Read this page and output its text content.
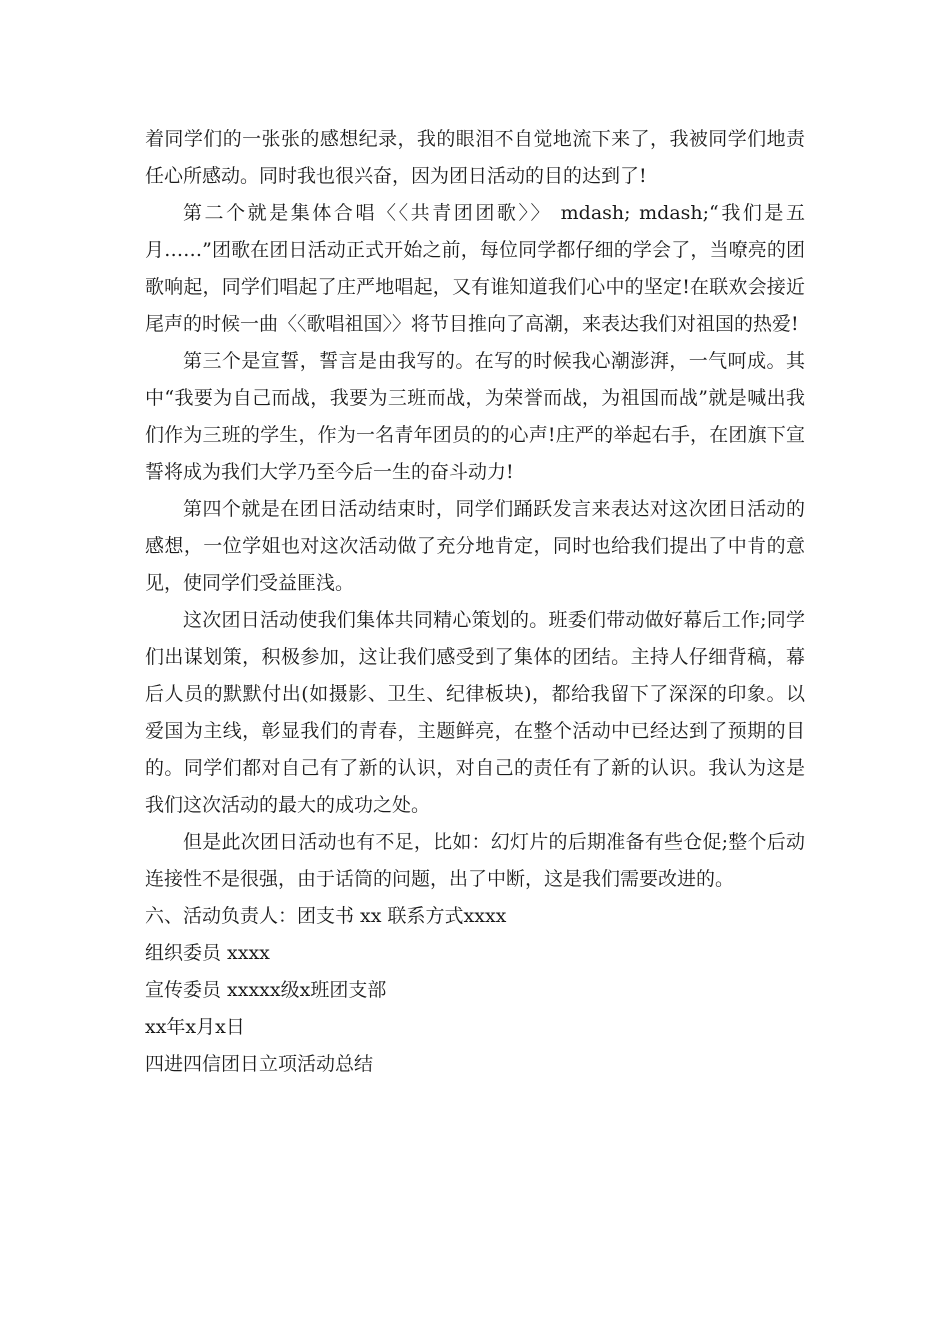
着同学们的一张张的感想纪录，我的眼泪不自觉地流下来了，我被同学们地责任心所感动。同时我也很兴奋，因为团日活动的目的达到了!

第二个就是集体合唱〈〈共青团团歌〉〉 mdash; mdash;“我们是五月……”团歌在团日活动正式开始之前，每位同学都仔细的学会了，当嘹亮的团歌响起，同学们唱起了庄严地唱起，又有谁知道我们心中的坚定!在联欢会接近尾声的时候一曲〈〈歌唱祖国〉〉将节目推向了高潮，来表达我们对祖国的热爱!

第三个是宣誓，誓言是由我写的。在写的时候我心潮澎湃，一气呵成。其中“我要为自己而战，我要为三班而战，为荣誉而战，为祖国而战”就是喊出我们作为三班的学生，作为一名青年团员的的心声!庄严的举起右手，在团旗下宣誓将成为我们大学乃至今后一生的奋斗动力!

第四个就是在团日活动结束时，同学们踊跃发言来表达对这次团日活动的感想，一位学姐也对这次活动做了充分地肯定，同时也给我们提出了中肯的意见，使同学们受益匪浅。

这次团日活动使我们集体共同精心策划的。班委们带动做好幕后工作;同学们出谋划策，积极参加，这让我们感受到了集体的团结。主持人仔细背稿，幕后人员的默默付出(如摄影、卫生、纪律板块)，都给我留下了深深的印象。以爱国为主线，彰显我们的青春，主题鲜亮，在整个活动中已经达到了预期的目的。同学们都对自己有了新的认识，对自己的责任有了新的认识。我认为这是我们这次活动的最大的成功之处。

但是此次团日活动也有不足，比如：幻灯片的后期准备有些仓促;整个后动连接性不是很强，由于话筒的问题，出了中断，这是我们需要改进的。

六、活动负责人：团支书 xx 联系方式xxxx

组织委员 xxxx

宣传委员 xxxxx级x班团支部

xx年x月x日

四进四信团日立项活动总结
